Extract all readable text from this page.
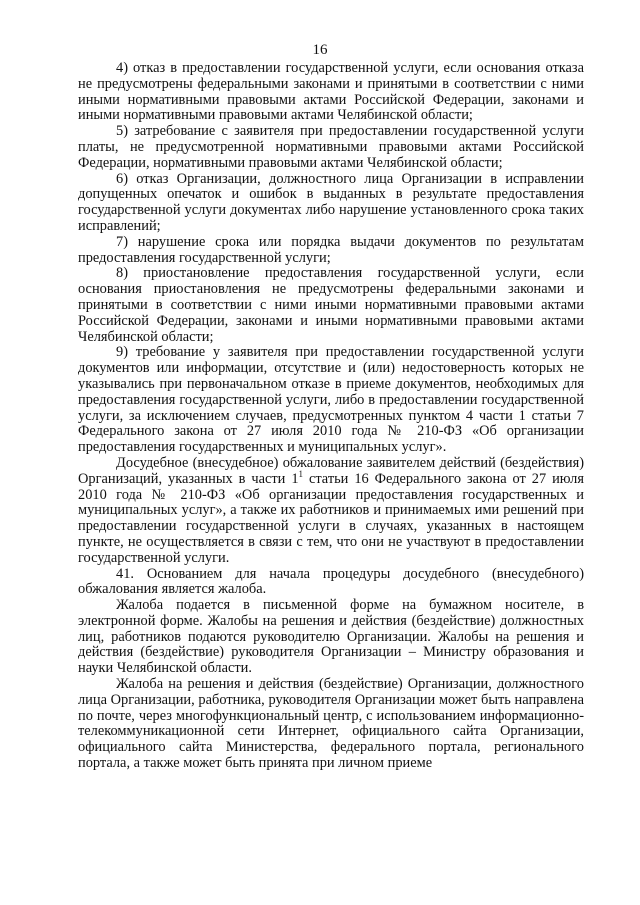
16

4) отказ в предоставлении государственной услуги, если основания отказа не предусмотрены федеральными законами и принятыми в соответствии с ними иными нормативными правовыми актами Российской Федерации, законами и иными нормативными правовыми актами Челябинской области;

5) затребование с заявителя при предоставлении государственной услуги платы, не предусмотренной нормативными правовыми актами Российской Федерации, нормативными правовыми актами Челябинской области;

6) отказ Организации, должностного лица Организации в исправлении допущенных опечаток и ошибок в выданных в результате предоставления государственной услуги документах либо нарушение установленного срока таких исправлений;

7) нарушение срока или порядка выдачи документов по результатам предоставления государственной услуги;

8) приостановление предоставления государственной услуги, если основания приостановления не предусмотрены федеральными законами и принятыми в соответствии с ними иными нормативными правовыми актами Российской Федерации, законами и иными нормативными правовыми актами Челябинской области;

9) требование у заявителя при предоставлении государственной услуги документов или информации, отсутствие и (или) недостоверность которых не указывались при первоначальном отказе в приеме документов, необходимых для предоставления государственной услуги, либо в предоставлении государственной услуги, за исключением случаев, предусмотренных пунктом 4 части 1 статьи 7 Федерального закона от 27 июля 2010 года № 210-ФЗ «Об организации предоставления государственных и муниципальных услуг».

Досудебное (внесудебное) обжалование заявителем действий (бездействия) Организаций, указанных в части $1^1$ статьи 16 Федерального закона от 27 июля 2010 года № 210-ФЗ «Об организации предоставления государственных и муниципальных услуг», а также их работников и принимаемых ими решений при предоставлении государственной услуги в случаях, указанных в настоящем пункте, не осуществляется в связи с тем, что они не участвуют в предоставлении государственной услуги.

41. Основанием для начала процедуры досудебного (внесудебного) обжалования является жалоба.

Жалоба подается в письменной форме на бумажном носителе, в электронной форме. Жалобы на решения и действия (бездействие) должностных лиц, работников подаются руководителю Организации. Жалобы на решения и действия (бездействие) руководителя Организации – Министру образования и науки Челябинской области.

Жалоба на решения и действия (бездействие) Организации, должностного лица Организации, работника, руководителя Организации может быть направлена по почте, через многофункциональный центр, с использованием информационно-телекоммуникационной сети Интернет, официального сайта Организации, официального сайта Министерства, федерального портала, регионального портала, а также может быть принята при личном приеме
